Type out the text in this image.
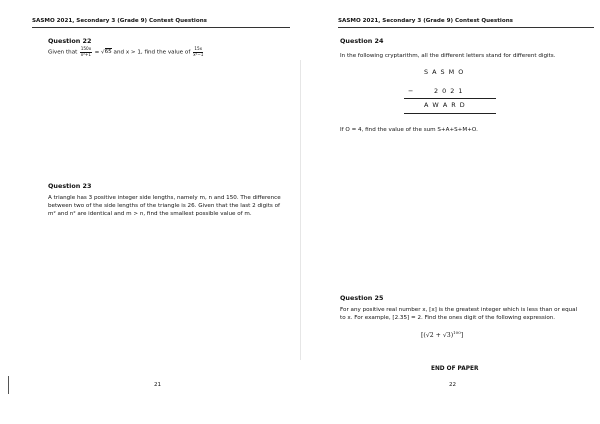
SASMO 2021, Secondary 3 (Grade 9) Contest Questions
Question 22
Given that $\frac{150x}{\text{x²+1}} = √65$ and x > 1, find the value of $\frac{15x}{\text{x²−1}}$
Question 23
A triangle has 3 positive integer side lengths, namely m, n and 150. The difference
between two of the side lengths of the triangle is 26. Given that the last 2 digits of
m² and n² are identical and m > n, find the smallest possible value of m.
21
SASMO 2021, Secondary 3 (Grade 9) Contest Questions
Question 24
In the following cryptarithm, all the different letters stand for different digits.
S  A  S  M  O
−	2  0  2  1
A  W  A  R  D
If O = 4, find the value of the sum S+A+S+M+O.
Question 25
For any positive real number x, [x] is the greatest integer which is less than or equal
to x. For example, [2.35] = 2. Find the ones digit of the following expression.
$[(√2 + √3)^{100}]$
END OF PAPER
22
